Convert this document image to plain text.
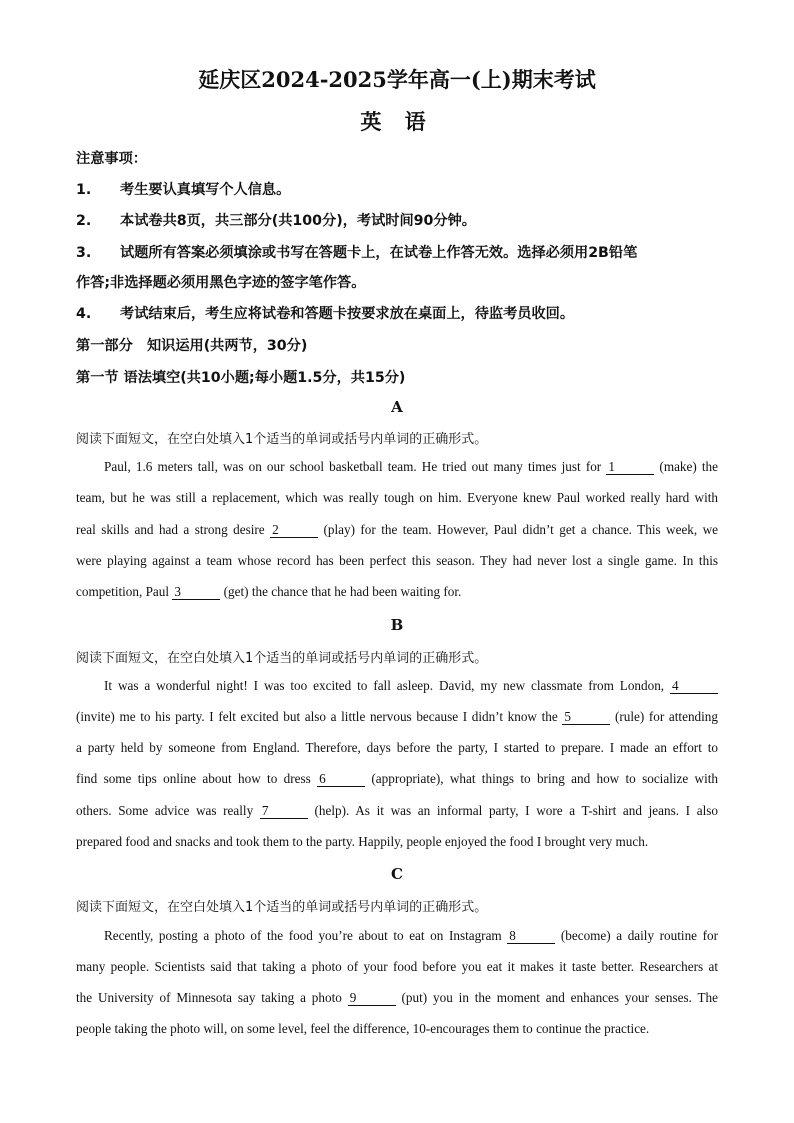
延庆区2024-2025学年高一(上)期末考试
英 语
注意事项：
1. 考生要认真填写个人信息。
2. 本试卷共8页，共三部分(共100分)，考试时间90分钟。
3. 试题所有答案必须填涂或书写在答题卡上，在试卷上作答无效。选择必须用2B铅笔
作答;非选择题必须用黑色字迹的签字笔作答。
4. 考试结束后，考生应将试卷和答题卡按要求放在桌面上，待监考员收回。
第一部分　知识运用(共两节，30分)
第一节 语法填空(共10小题;每小题1.5分，共15分)
A
阅读下面短文，在空白处填入1个适当的单词或括号内单词的正确形式。
Paul, 1.6 meters tall, was on our school basketball team. He tried out many times just for 1	(make) the
team, but he was still a replacement, which was really tough on him. Everyone knew Paul worked really hard with
real skills and had a strong desire 2	(play) for the team. However, Paul didn’t get a chance. This week, we
were playing against a team whose record has been perfect this season. They had never lost a single game. In this
competition, Paul 3	(get) the chance that he had been waiting for.
B
阅读下面短文，在空白处填入1个适当的单词或括号内单词的正确形式。
It was a wonderful night! I was too excited to fall asleep. David, my new classmate from London, 4
(invite) me to his party. I felt excited but also a little nervous because I didn’t know the 5	(rule) for attending
a party held by someone from England. Therefore, days before the party, I started to prepare. I made an effort to
find some tips online about how to dress 6	(appropriate), what things to bring and how to socialize with
others. Some advice was really 7	(help). As it was an informal party, I wore a T-shirt and jeans. I also
prepared food and snacks and took them to the party. Happily, people enjoyed the food I brought very much.
C
阅读下面短文，在空白处填入1个适当的单词或括号内单词的正确形式。
Recently, posting a photo of the food you’re about to eat on Instagram 8	(become) a daily routine for
many people. Scientists said that taking a photo of your food before you eat it makes it taste better. Researchers at
the University of Minnesota say taking a photo 9	(put) you in the moment and enhances your senses. The
people taking the photo will, on some level, feel the difference, 10-encourages them to continue the practice.
